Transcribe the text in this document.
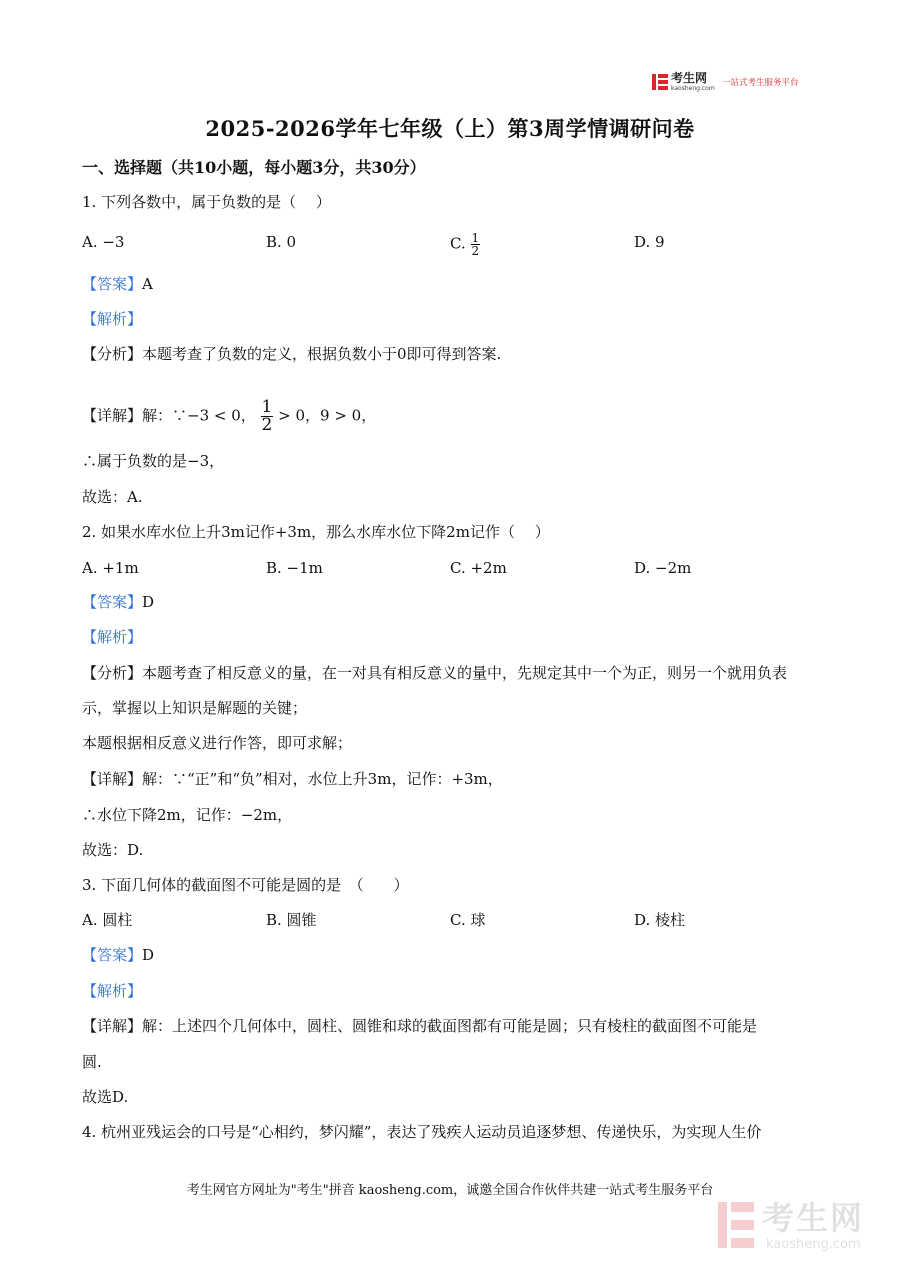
考生网
kaosheng.com
一站式考生服务平台
2025-2026学年七年级（上）第3周学情调研问卷
一、选择题（共10小题，每小题3分，共30分）
1. 下列各数中，属于负数的是（　 ）
A. −3	B. 0	C. $\frac{1}{2}$	D. 9
【答案】A
【解析】
【分析】本题考查了负数的定义，根据负数小于0即可得到答案.
【详解】解：∵−3 < 0， $\frac{1}{2} > 0$，9 > 0，
∴属于负数的是−3，
故选：A.
2. 如果水库水位上升3m记作+3m，那么水库水位下降2m记作（　 ）
A. +1m	B. −1m	C. +2m	D. −2m
【答案】D
【解析】
【分析】本题考查了相反意义的量，在一对具有相反意义的量中，先规定其中一个为正，则另一个就用负表
示，掌握以上知识是解题的关键；
本题根据相反意义进行作答，即可求解；
【详解】解：∵“正”和“负”相对，水位上升3m，记作：+3m，
∴水位下降2m，记作：−2m，
故选：D.
3. 下面几何体的截面图不可能是圆的是　（　　）
A. 圆柱	B. 圆锥	C. 球	D. 棱柱
【答案】D
【解析】
【详解】解：上述四个几何体中，圆柱、圆锥和球的截面图都有可能是圆；只有棱柱的截面图不可能是
圆.
故选D.
4. 杭州亚残运会的口号是“心相约，梦闪耀”，表达了残疾人运动员追逐梦想、传递快乐，为实现人生价
考生网官方网址为"考生"拼音 kaosheng.com，诚邀全国合作伙伴共建一站式考生服务平台
考生网
kaosheng.com
